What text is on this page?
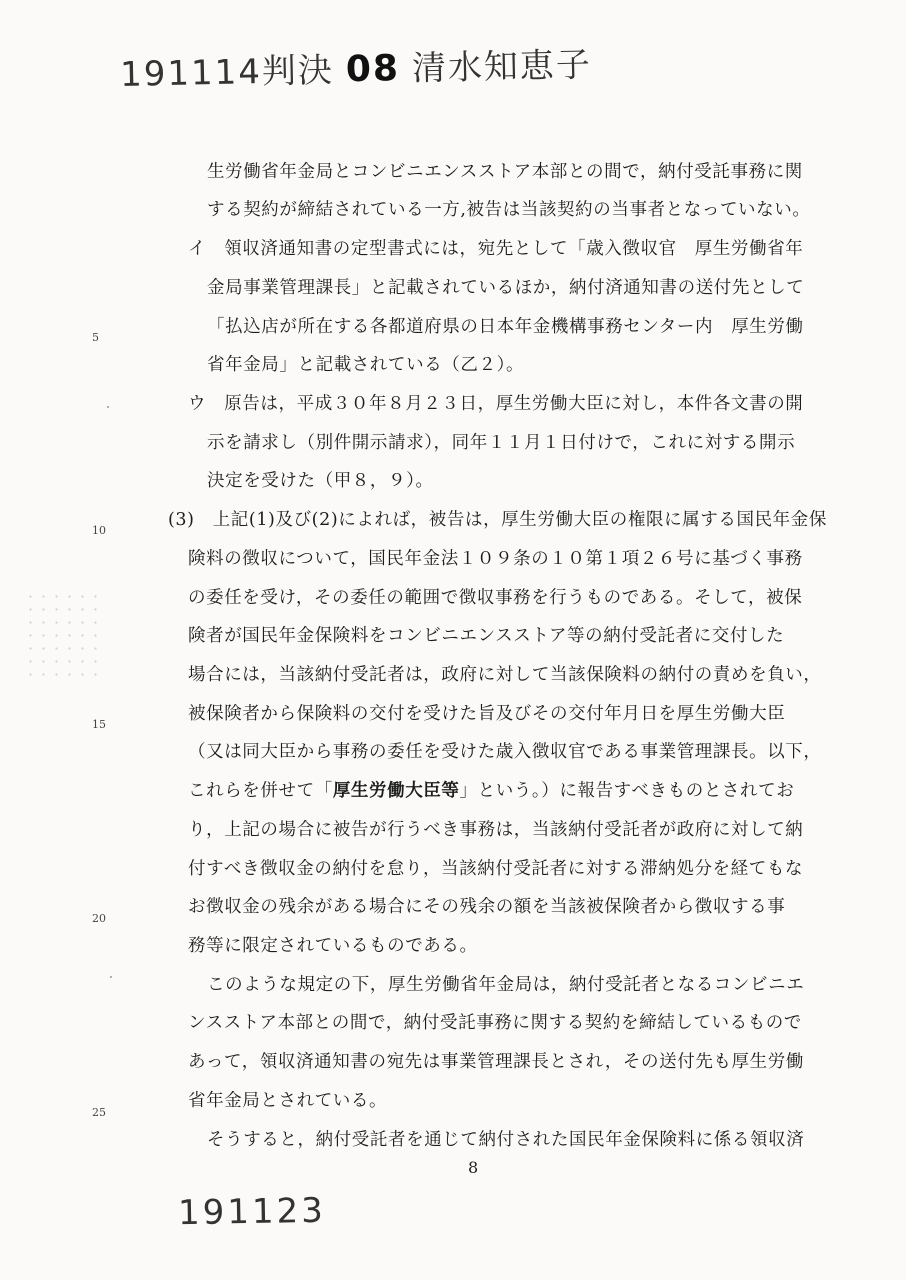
191114判決 08 清水知恵子
5
10
15
20
25
生労働省年金局とコンビニエンスストア本部との間で，納付受託事務に関
する契約が締結されている一方,被告は当該契約の当事者となっていない。
イ　領収済通知書の定型書式には，宛先として「歳入徴収官　厚生労働省年
金局事業管理課長」と記載されているほか，納付済通知書の送付先として
「払込店が所在する各都道府県の日本年金機構事務センター内　厚生労働
省年金局」と記載されている（乙２）。
ウ　原告は，平成３０年８月２３日，厚生労働大臣に対し，本件各文書の開
示を請求し（別件開示請求），同年１１月１日付けで，これに対する開示
決定を受けた（甲８，９）。
(3)　上記(1)及び(2)によれば，被告は，厚生労働大臣の権限に属する国民年金保
険料の徴収について，国民年金法１０９条の１０第１項２６号に基づく事務
の委任を受け，その委任の範囲で徴収事務を行うものである。そして，被保
険者が国民年金保険料をコンビニエンスストア等の納付受託者に交付した
場合には，当該納付受託者は，政府に対して当該保険料の納付の責めを負い，
被保険者から保険料の交付を受けた旨及びその交付年月日を厚生労働大臣
（又は同大臣から事務の委任を受けた歳入徴収官である事業管理課長。以下，
これらを併せて「厚生労働大臣等」という。）に報告すべきものとされてお
り，上記の場合に被告が行うべき事務は，当該納付受託者が政府に対して納
付すべき徴収金の納付を怠り，当該納付受託者に対する滞納処分を経てもな
お徴収金の残余がある場合にその残余の額を当該被保険者から徴収する事
務等に限定されているものである。
このような規定の下，厚生労働省年金局は，納付受託者となるコンビニエ
ンスストア本部との間で，納付受託事務に関する契約を締結しているもので
あって，領収済通知書の宛先は事業管理課長とされ，その送付先も厚生労働
省年金局とされている。
そうすると，納付受託者を通じて納付された国民年金保険料に係る領収済
8
191123
